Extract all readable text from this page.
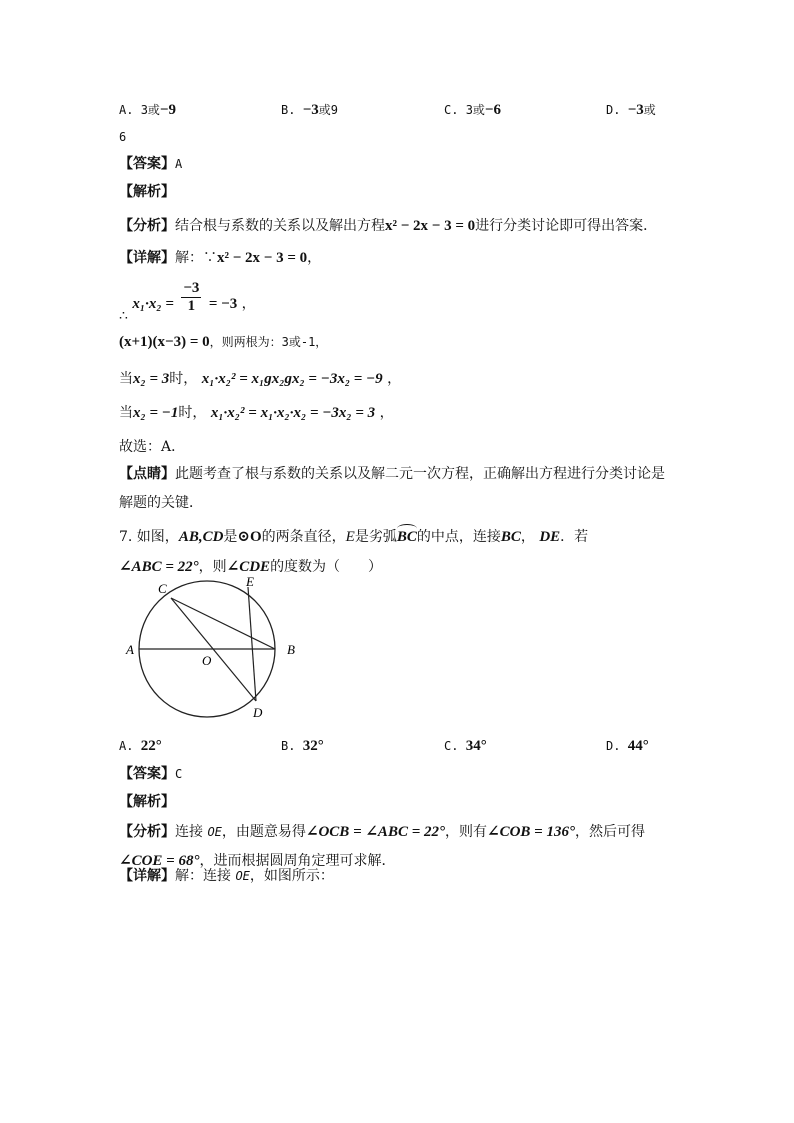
A. 3或−9	B. −3或9	C. 3或−6	D. −3或
6
【答案】A
【解析】
【分析】结合根与系数的关系以及解出方程x² − 2x − 3 = 0进行分类讨论即可得出答案．
【详解】解：∵x² − 2x − 3 = 0，
∴ $x_1\cdot x_2 = \frac{-3}{1} = -3$ ，
(x+1)(x−3) = 0，则两根为：3或-1，
当x₂ = 3时， x₁·x₂² = x₁gx₂gx₂ = −3x₂ = −9 ，
当x₂ = −1时， x₁·x₂² = x₁·x₂·x₂ = −3x₂ = 3 ，
故选：A．
【点睛】此题考查了根与系数的关系以及解二元一次方程，正确解出方程进行分类讨论是
解题的关键．
7. 如图，AB,CD是⊙O的两条直径，E是劣弧BC的中点，连接BC， DE．若
∠ABC = 22°，则∠CDE的度数为（　　）
A	B
C
D
E
O
A. 22°	B. 32°	C. 34°	D. 44°
【答案】C
【解析】
【分析】连接 OE，由题意易得∠OCB = ∠ABC = 22°，则有∠COB = 136°，然后可得
∠COE = 68°，进而根据圆周角定理可求解．
【详解】解：连接 OE，如图所示：
